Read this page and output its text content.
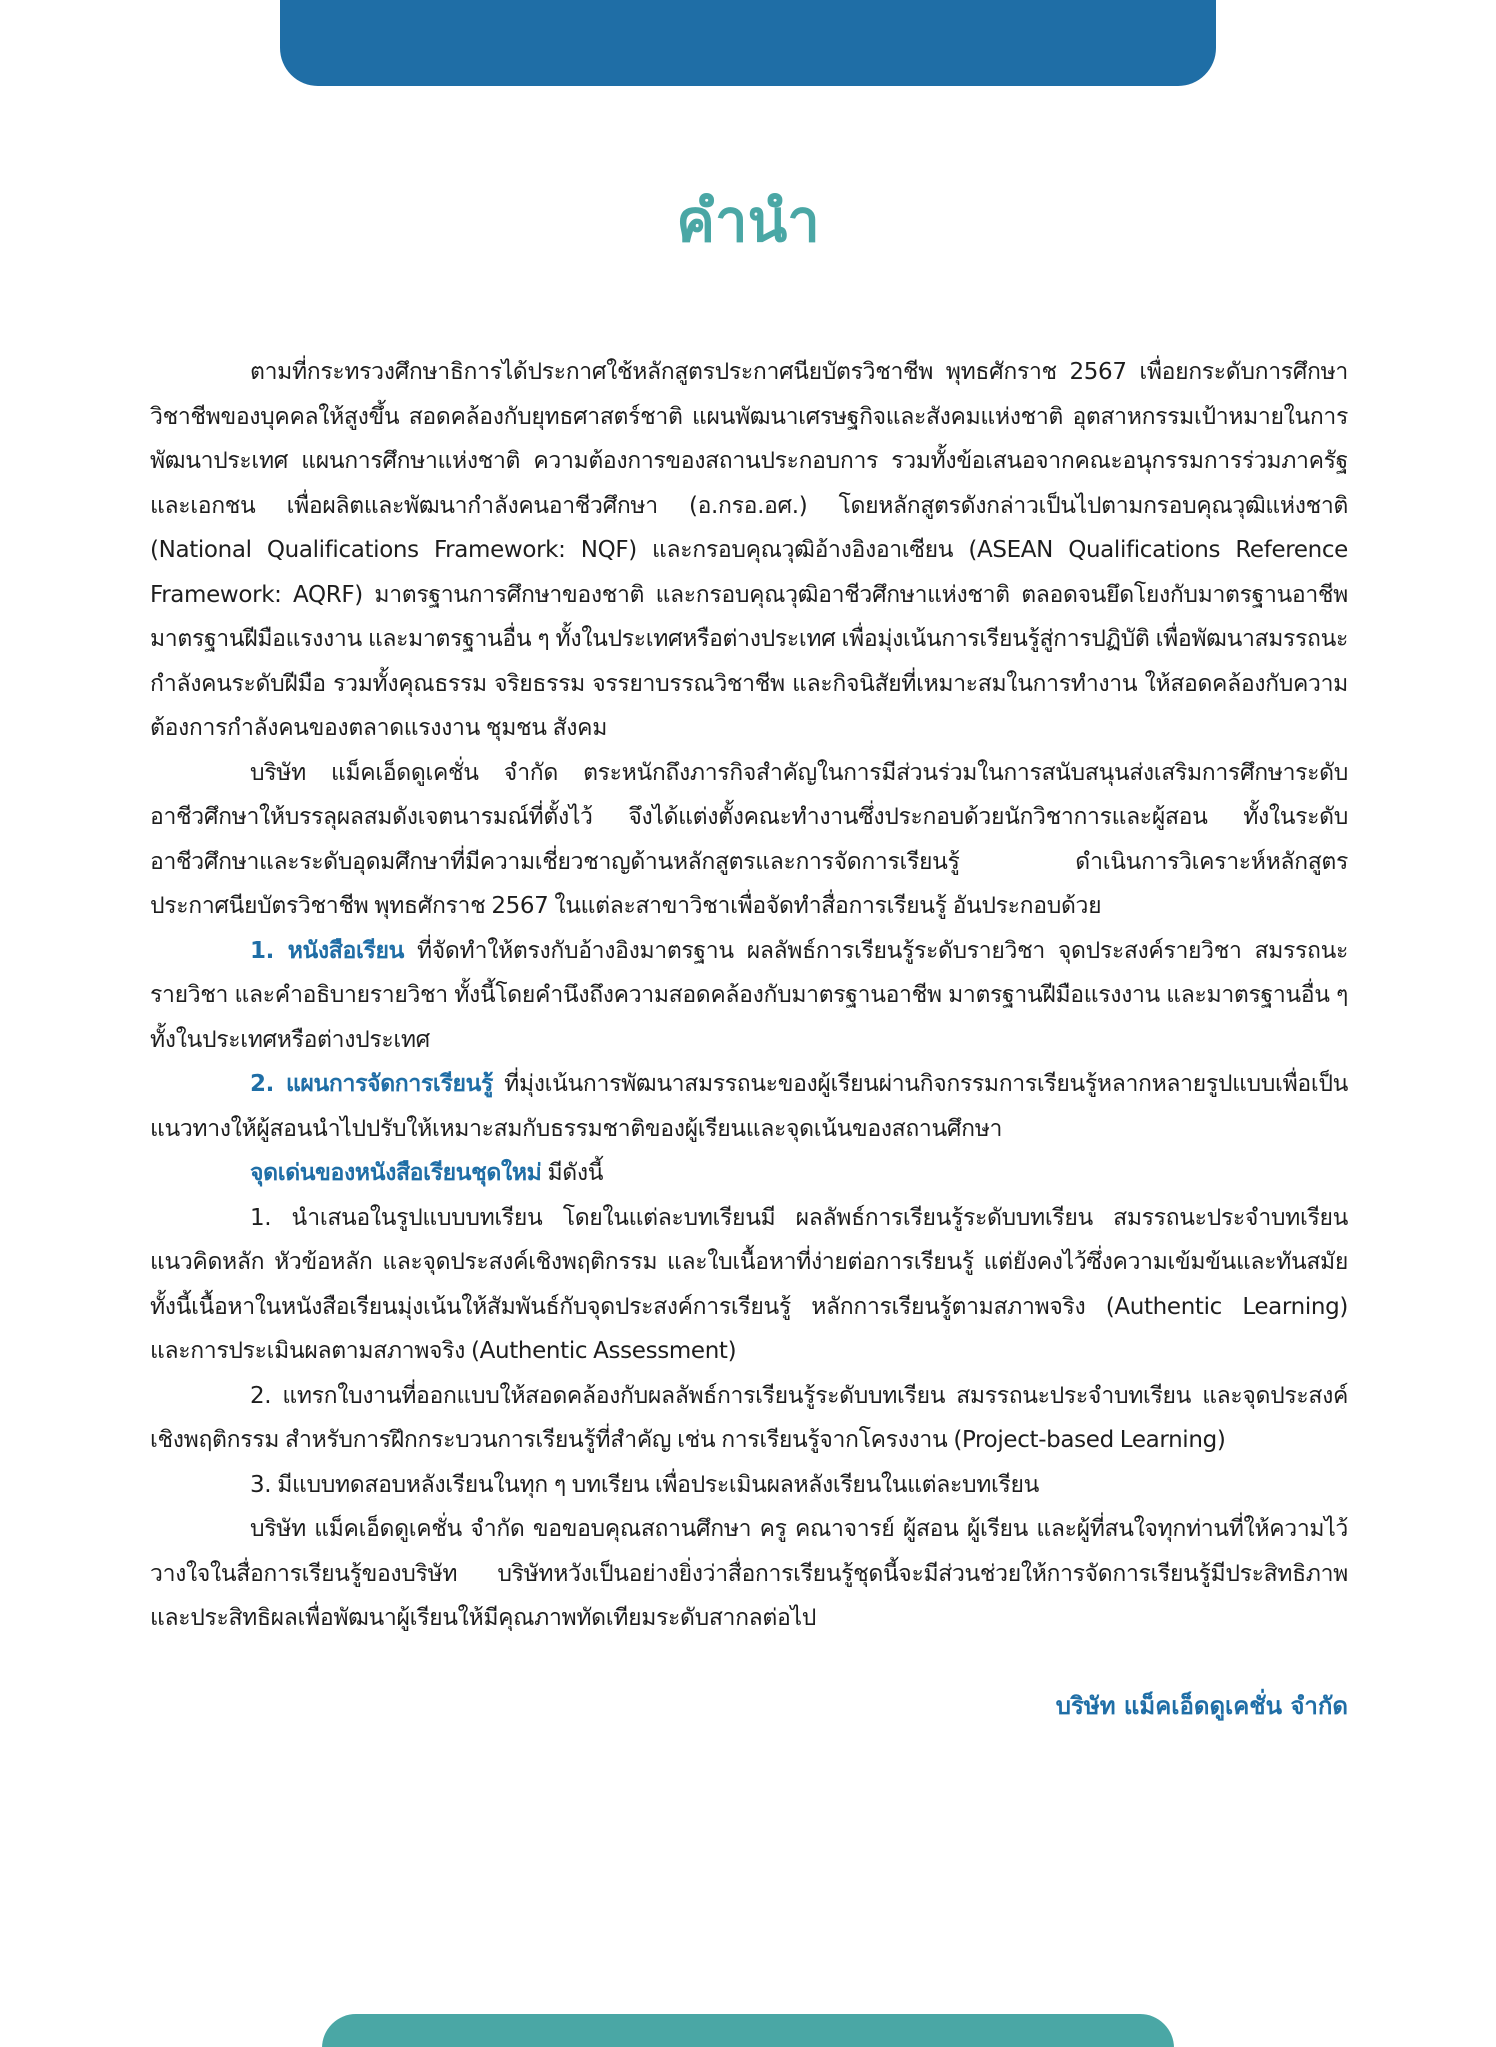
คำนำ

ตามที่กระทรวงศึกษาธิการได้ประกาศใช้หลักสูตรประกาศนียบัตรวิชาชีพ พุทธศักราช 2567 เพื่อยกระดับการศึกษาวิชาชีพของบุคคลให้สูงขึ้น สอดคล้องกับยุทธศาสตร์ชาติ แผนพัฒนาเศรษฐกิจและสังคมแห่งชาติ อุตสาหกรรมเป้าหมายในการพัฒนาประเทศ แผนการศึกษาแห่งชาติ ความต้องการของสถานประกอบการ รวมทั้งข้อเสนอจากคณะอนุกรรมการร่วมภาครัฐและเอกชน เพื่อผลิตและพัฒนากำลังคนอาชีวศึกษา (อ.กรอ.อศ.) โดยหลักสูตรดังกล่าวเป็นไปตามกรอบคุณวุฒิแห่งชาติ (National Qualifications Framework: NQF) และกรอบคุณวุฒิอ้างอิงอาเซียน (ASEAN Qualifications Reference Framework: AQRF) มาตรฐานการศึกษาของชาติ และกรอบคุณวุฒิอาชีวศึกษาแห่งชาติ ตลอดจนยึดโยงกับมาตรฐานอาชีพ มาตรฐานฝีมือแรงงาน และมาตรฐานอื่น ๆ ทั้งในประเทศหรือต่างประเทศ เพื่อมุ่งเน้นการเรียนรู้สู่การปฏิบัติ เพื่อพัฒนาสมรรถนะกำลังคนระดับฝีมือ รวมทั้งคุณธรรม จริยธรรม จรรยาบรรณวิชาชีพ และกิจนิสัยที่เหมาะสมในการทำงาน ให้สอดคล้องกับความต้องการกำลังคนของตลาดแรงงาน ชุมชน สังคม

บริษัท แม็คเอ็ดดูเคชั่น จำกัด ตระหนักถึงภารกิจสำคัญในการมีส่วนร่วมในการสนับสนุนส่งเสริมการศึกษาระดับอาชีวศึกษาให้บรรลุผลสมดังเจตนารมณ์ที่ตั้งไว้ จึงได้แต่งตั้งคณะทำงานซึ่งประกอบด้วยนักวิชาการและผู้สอน ทั้งในระดับอาชีวศึกษาและระดับอุดมศึกษาที่มีความเชี่ยวชาญด้านหลักสูตรและการจัดการเรียนรู้ ดำเนินการวิเคราะห์หลักสูตรประกาศนียบัตรวิชาชีพ พุทธศักราช 2567 ในแต่ละสาขาวิชาเพื่อจัดทำสื่อการเรียนรู้ อันประกอบด้วย

1. หนังสือเรียน ที่จัดทำให้ตรงกับอ้างอิงมาตรฐาน ผลลัพธ์การเรียนรู้ระดับรายวิชา จุดประสงค์รายวิชา สมรรถนะรายวิชา และคำอธิบายรายวิชา ทั้งนี้โดยคำนึงถึงความสอดคล้องกับมาตรฐานอาชีพ มาตรฐานฝีมือแรงงาน และมาตรฐานอื่น ๆ ทั้งในประเทศหรือต่างประเทศ

2. แผนการจัดการเรียนรู้ ที่มุ่งเน้นการพัฒนาสมรรถนะของผู้เรียนผ่านกิจกรรมการเรียนรู้หลากหลายรูปแบบเพื่อเป็นแนวทางให้ผู้สอนนำไปปรับให้เหมาะสมกับธรรมชาติของผู้เรียนและจุดเน้นของสถานศึกษา

จุดเด่นของหนังสือเรียนชุดใหม่ มีดังนี้

1. นำเสนอในรูปแบบบทเรียน โดยในแต่ละบทเรียนมี ผลลัพธ์การเรียนรู้ระดับบทเรียน สมรรถนะประจำบทเรียน แนวคิดหลัก หัวข้อหลัก และจุดประสงค์เชิงพฤติกรรม และใบเนื้อหาที่ง่ายต่อการเรียนรู้ แต่ยังคงไว้ซึ่งความเข้มข้นและทันสมัย ทั้งนี้เนื้อหาในหนังสือเรียนมุ่งเน้นให้สัมพันธ์กับจุดประสงค์การเรียนรู้ หลักการเรียนรู้ตามสภาพจริง (Authentic Learning) และการประเมินผลตามสภาพจริง (Authentic Assessment)

2. แทรกใบงานที่ออกแบบให้สอดคล้องกับผลลัพธ์การเรียนรู้ระดับบทเรียน สมรรถนะประจำบทเรียน และจุดประสงค์เชิงพฤติกรรม สำหรับการฝึกกระบวนการเรียนรู้ที่สำคัญ เช่น การเรียนรู้จากโครงงาน (Project-based Learning)

3. มีแบบทดสอบหลังเรียนในทุก ๆ บทเรียน เพื่อประเมินผลหลังเรียนในแต่ละบทเรียน

บริษัท แม็คเอ็ดดูเคชั่น จำกัด ขอขอบคุณสถานศึกษา ครู คณาจารย์ ผู้สอน ผู้เรียน และผู้ที่สนใจทุกท่านที่ให้ความไว้วางใจในสื่อการเรียนรู้ของบริษัท บริษัทหวังเป็นอย่างยิ่งว่าสื่อการเรียนรู้ชุดนี้จะมีส่วนช่วยให้การจัดการเรียนรู้มีประสิทธิภาพและประสิทธิผลเพื่อพัฒนาผู้เรียนให้มีคุณภาพทัดเทียมระดับสากลต่อไป

บริษัท แม็คเอ็ดดูเคชั่น จำกัด
